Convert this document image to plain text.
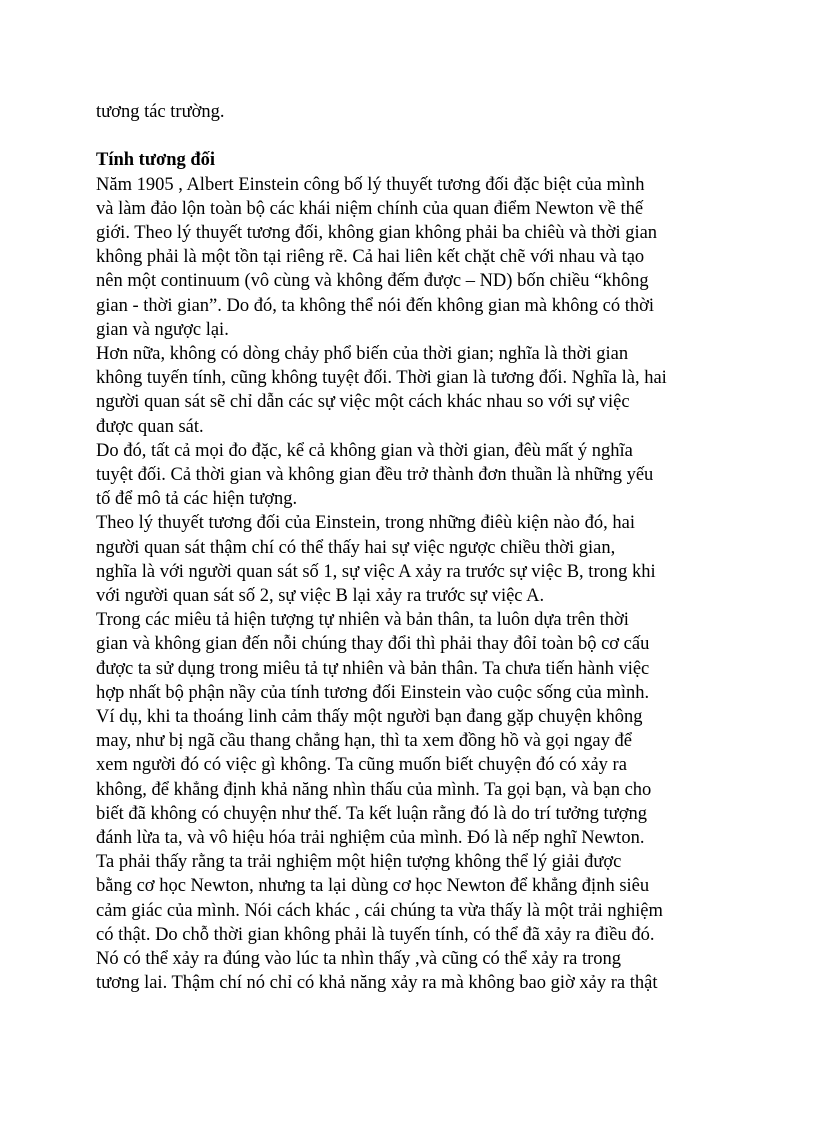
tương tác trường.
Tính tương đối
Năm 1905 , Albert Einstein công bố lý thuyết tương đối đặc biệt của mình
và làm đảo lộn toàn bộ các khái niệm chính của quan điểm Newton về thế
giới. Theo lý thuyết tương đối, không gian không phải ba chiêù và thời gian
không phải là một tồn tại riêng rẽ. Cả hai liên kết chặt chẽ với nhau và tạo
nên một continuum (vô cùng và không đếm được – ND) bốn chiều “không
gian - thời gian”. Do đó, ta không thể nói đến không gian mà không có thời
gian và ngược lại.
Hơn nữa, không có dòng chảy phổ biến của thời gian; nghĩa là thời gian
không tuyến tính, cũng không tuyệt đối. Thời gian là tương đối. Nghĩa là, hai
người quan sát sẽ chỉ dẫn các sự việc một cách khác nhau so với sự việc
được quan sát.
Do đó, tất cả mọi đo đặc, kể cả không gian và thời gian, đêù mất ý nghĩa
tuyệt đối. Cả thời gian và không gian đều trở thành đơn thuần là những yếu
tố để mô tả các hiện tượng.
Theo lý thuyết tương đối của Einstein, trong những điêù kiện nào đó, hai
người quan sát thậm chí có thể thấy hai sự việc ngược chiều thời gian,
nghĩa là với người quan sát số 1, sự việc A xảy ra trước sự việc B, trong khi
với người quan sát số 2, sự việc B lại xảy ra trước sự việc A.
Trong các miêu tả hiện tượng tự nhiên và bản thân, ta luôn dựa trên thời
gian và không gian đến nỗi chúng thay đổi thì phải thay đôỉ toàn bộ cơ cấu
được ta sử dụng trong miêu tả tự nhiên và bản thân. Ta chưa tiến hành việc
hợp nhất bộ phận nầy của tính tương đối Einstein vào cuộc sống của mình.
Ví dụ, khi ta thoáng linh cảm thấy một người bạn đang gặp chuyện không
may, như bị ngã cầu thang chẳng hạn, thì ta xem đồng hồ và gọi ngay để
xem người đó có việc gì không. Ta cũng muốn biết chuyện đó có xảy ra
không, để khẳng định khả năng nhìn thấu của mình. Ta gọi bạn, và bạn cho
biết đã không có chuyện như thế. Ta kết luận rằng đó là do trí tưởng tượng
đánh lừa ta, và vô hiệu hóa trải nghiệm của mình. Đó là nếp nghĩ Newton.
Ta phải thấy rằng ta trải nghiệm một hiện tượng không thể lý giải được
bằng cơ học Newton, nhưng ta lại dùng cơ học Newton để khẳng định siêu
cảm giác của mình. Nói cách khác , cái chúng ta vừa thấy là một trải nghiệm
có thật. Do chỗ thời gian không phải là tuyến tính, có thể đã xảy ra điều đó.
Nó có thể xảy ra đúng vào lúc ta nhìn thấy ,và cũng có thể xảy ra trong
tương lai. Thậm chí nó chỉ có khả năng xảy ra mà không bao giờ xảy ra thật
